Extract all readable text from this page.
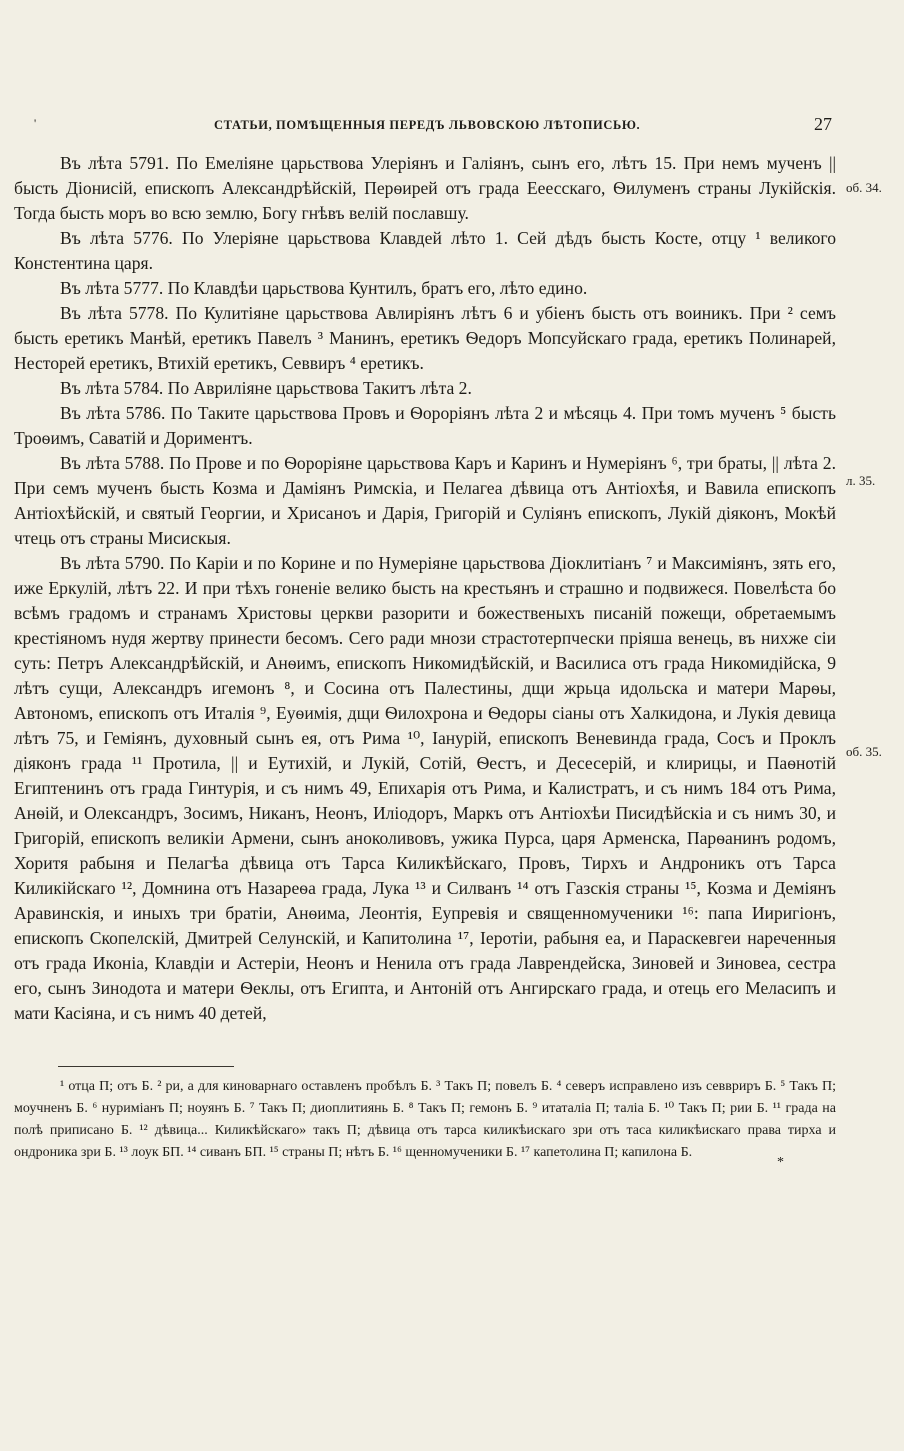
'	СТАТЬИ, ПОМѢЩЕННЫЯ ПЕРЕДЪ ЛЬВОВСКОЮ ЛѢТОПИСЬЮ.	27

Въ лѣта 5791. По Емеліяне царьствова Улеріянъ и Галіянъ, сынъ его, лѣтъ 15. При немъ мученъ || бысть Діонисій, епископъ Александрѣйскій, Перѳирей отъ града Ееесскаго, Ѳилуменъ страны Лукійскія. Тогда бысть моръ во всю землю, Богу гнѣвъ велій пославшу.

Въ лѣта 5776. По Улеріяне царьствова Клавдей лѣто 1. Сей дѣдъ бысть Косте, отцу ¹ великого Констентина царя.

Въ лѣта 5777. По Клавдѣи царьствова Кунтилъ, братъ его, лѣто едино.

Въ лѣта 5778. По Кулитіяне царьствова Авлиріянъ лѣтъ 6 и убіенъ бысть отъ воиникъ. При ² семъ бысть еретикъ Манѣй, еретикъ Павелъ ³ Манинъ, еретикъ Ѳедоръ Мопсуйскаго града, еретикъ Полинарей, Несторей еретикъ, Втихій еретикъ, Севвиръ ⁴ еретикъ.

Въ лѣта 5784. По Авриліяне царьствова Такитъ лѣта 2.

Въ лѣта 5786. По Таките царьствова Провъ и Ѳороріянъ лѣта 2 и мѣсяць 4. При томъ мученъ ⁵ бысть Троѳимъ, Саватій и Доримeнтъ.

Въ лѣта 5788. По Прове и по Ѳороріяне царьствова Каръ и Каринъ и Нумеріянъ ⁶, три браты, || лѣта 2. При семъ мученъ бысть Козма и Даміянъ Римскіа, и Пелагеа дѣвица отъ Антіохѣя, и Вавила епископъ Антіохѣйскій, и святый Георгии, и Хрисаноъ и Дарія, Григорій и Суліянъ епископъ, Лукій діяконъ, Мокѣй чтець отъ страны Мисискыя.

Въ лѣта 5790. По Каріи и по Корине и по Нумеріяне царьствова Діоклитіанъ ⁷ и Максиміянъ, зять его, иже Еркулій, лѣтъ 22. И при тѣхъ гоненіе велико бысть на крестьянъ и страшно и подвижеся. Повелѣста бо всѣмъ градомъ и странамъ Христовы церкви разорити и божественыхъ писаній пожещи, обретаемымъ крестіяномъ нудя жертву принести бесомъ. Сего ради мнози страстотерпчески пріяша венець, въ нихже сіи суть: Петръ Александрѣйскій, и Анѳимъ, епископъ Никомидѣйскій, и Василиса отъ града Никомидійска, 9 лѣтъ сущи, Александръ игемонъ ⁸, и Сосина отъ Палестины, дщи жрьца идольска и матери Марѳы, Автономъ, епископъ отъ Италія ⁹, Еуѳимія, дщи Ѳилохрона и Ѳедоры сіаны отъ Халкидона, и Лукія девица лѣтъ 75, и Геміянъ, духовный сынъ ея, отъ Рима ¹⁰, Іанурій, епископъ Веневинда града, Сосъ и Проклъ діяконъ града ¹¹ Протила, || и Еутихій, и Лукій, Сотій, Ѳестъ, и Десесерій, и клирицы, и Паѳнотій Египтенинъ отъ града Гинтурія, и съ нимъ 49, Епихарія отъ Рима, и Калистратъ, и съ нимъ 184 отъ Рима, Анѳій, и Олександръ, Зосимъ, Никанъ, Неонъ, Иліодоръ, Маркъ отъ Антіохѣи Писидѣйскіа и съ нимъ 30, и Григорій, епископъ великіи Армени, сынъ аноколивовъ, ужика Пурса, царя Арменска, Парѳанинъ родомъ, Хоритя рабыня и Пелагѣа дѣвица отъ Тарса Киликѣйскаго, Провъ, Тирхъ и Андроникъ отъ Тарса Киликійскаго ¹², Домнина отъ Назареѳа града, Лука ¹³ и Силванъ ¹⁴ отъ Газскія страны ¹⁵, Козма и Деміянъ Аравинскія, и иныхъ три братіи, Анѳима, Леонтія, Еупревія и священномученики ¹⁶: папа Ииригіонъ, епископъ Скопелскій, Дмитрей Селунскій, и Капитолина ¹⁷, Іеротіи, рабыня еа, и Параскевгеи нареченныя отъ града Иконіа, Клавдіи и Астеріи, Неонъ и Ненила отъ града Лаврендейска, Зиновей и Зиновеа, сестра его, сынъ Зинодота и матери Ѳеклы, отъ Египта, и Антоній отъ Ангирскаго града, и отець его Меласипъ и мати Касіяна, и съ нимъ 40 детей,

об. 34.
л. 35.
об. 35.

¹ отца П; отъ Б. ² ри, а для киноварнаго оставленъ пробѣлъ Б. ³ Такъ П; повелъ Б. ⁴ северъ исправлено изъ севвриръ Б. ⁵ Такъ П; моучненъ Б. ⁶ нуриміанъ П; ноуянъ Б. ⁷ Такъ П; диоплитиянь Б. ⁸ Такъ П; гемонъ Б. ⁹ итаталіа П; таліа Б. ¹⁰ Такъ П; рии Б. ¹¹ града на полѣ приписано Б. ¹² дѣвица... Киликѣйскаго» такъ П; дѣвица отъ тарса киликѣискаго зри отъ таса киликѣискаго права тирха и ондроника зри Б. ¹³ лоук БП. ¹⁴ сиванъ БП. ¹⁵ страны П; нѣтъ Б. ¹⁶ щенномученики Б. ¹⁷ капетолина П; капилона Б.

*
